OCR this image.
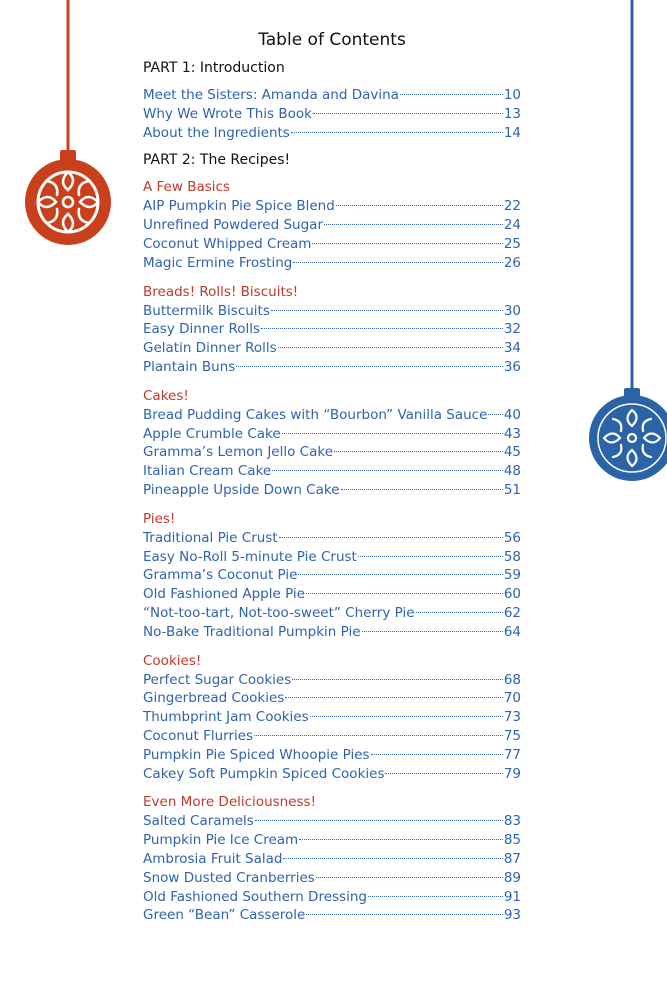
Table of Contents
PART 1: Introduction
Meet the Sisters: Amanda and Davina	10
Why We Wrote This Book	13
About the Ingredients	14
PART 2: The Recipes!
A Few Basics
AIP Pumpkin Pie Spice Blend	22
Unrefined Powdered Sugar	24
Coconut Whipped Cream	25
Magic Ermine Frosting	26
Breads! Rolls! Biscuits!
Buttermilk Biscuits	30
Easy Dinner Rolls	32
Gelatin Dinner Rolls	34
Plantain Buns	36
Cakes!
Bread Pudding Cakes with “Bourbon” Vanilla Sauce 40
Apple Crumble Cake	43
Gramma’s Lemon Jello Cake	45
Italian Cream Cake	48
Pineapple Upside Down Cake	51
Pies!
Traditional Pie Crust	56
Easy No-Roll 5-minute Pie Crust	58
Gramma’s Coconut Pie	59
Old Fashioned Apple Pie	60
“Not-too-tart, Not-too-sweet” Cherry Pie	62
No-Bake Traditional Pumpkin Pie	64
Cookies!
Perfect Sugar Cookies	68
Gingerbread Cookies	70
Thumbprint Jam Cookies	73
Coconut Flurries	75
Pumpkin Pie Spiced Whoopie Pies	77
Cakey Soft Pumpkin Spiced Cookies	79
Even More Deliciousness!
Salted Caramels	83
Pumpkin Pie Ice Cream	85
Ambrosia Fruit Salad	87
Snow Dusted Cranberries	89
Old Fashioned Southern Dressing	91
Green “Bean” Casserole	93
